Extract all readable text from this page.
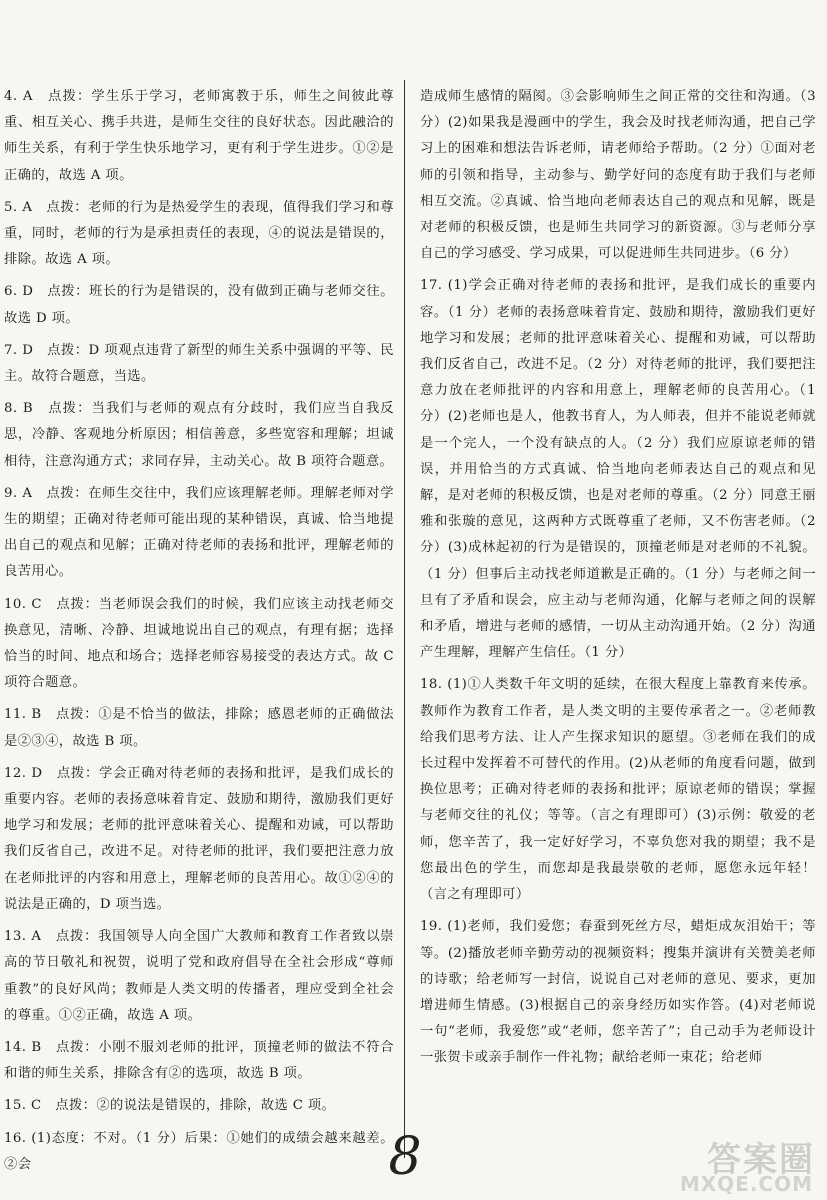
4. A　点拨：学生乐于学习，老师寓教于乐，师生之间彼此尊重、相互关心、携手共进，是师生交往的良好状态。因此融洽的师生关系，有利于学生快乐地学习，更有利于学生进步。①②是正确的，故选 A 项。

5. A　点拨：老师的行为是热爱学生的表现，值得我们学习和尊重，同时，老师的行为是承担责任的表现，④的说法是错误的，排除。故选 A 项。

6. D　点拨：班长的行为是错误的，没有做到正确与老师交往。故选 D 项。

7. D　点拨：D 项观点违背了新型的师生关系中强调的平等、民主。故符合题意，当选。

8. B　点拨：当我们与老师的观点有分歧时，我们应当自我反思，冷静、客观地分析原因；相信善意，多些宽容和理解；坦诚相待，注意沟通方式；求同存异，主动关心。故 B 项符合题意。

9. A　点拨：在师生交往中，我们应该理解老师。理解老师对学生的期望；正确对待老师可能出现的某种错误，真诚、恰当地提出自己的观点和见解；正确对待老师的表扬和批评，理解老师的良苦用心。

10. C　点拨：当老师误会我们的时候，我们应该主动找老师交换意见，清晰、冷静、坦诚地说出自己的观点，有理有据；选择恰当的时间、地点和场合；选择老师容易接受的表达方式。故 C 项符合题意。

11. B　点拨：①是不恰当的做法，排除；感恩老师的正确做法是②③④，故选 B 项。

12. D　点拨：学会正确对待老师的表扬和批评，是我们成长的重要内容。老师的表扬意味着肯定、鼓励和期待，激励我们更好地学习和发展；老师的批评意味着关心、提醒和劝诫，可以帮助我们反省自己，改进不足。对待老师的批评，我们要把注意力放在老师批评的内容和用意上，理解老师的良苦用心。故①②④的说法是正确的，D 项当选。

13. A　点拨：我国领导人向全国广大教师和教育工作者致以崇高的节日敬礼和祝贺，说明了党和政府倡导在全社会形成“尊师重教”的良好风尚；教师是人类文明的传播者，理应受到全社会的尊重。①②正确，故选 A 项。

14. B　点拨：小刚不服刘老师的批评，顶撞老师的做法不符合和谐的师生关系，排除含有②的选项，故选 B 项。

15. C　点拨：②的说法是错误的，排除，故选 C 项。

16. (1)态度：不对。（1 分）后果：①她们的成绩会越来越差。②会

造成师生感情的隔阂。③会影响师生之间正常的交往和沟通。（3 分）(2)如果我是漫画中的学生，我会及时找老师沟通，把自己学习上的困难和想法告诉老师，请老师给予帮助。（2 分）①面对老师的引领和指导，主动参与、勤学好问的态度有助于我们与老师相互交流。②真诚、恰当地向老师表达自己的观点和见解，既是对老师的积极反馈，也是师生共同学习的新资源。③与老师分享自己的学习感受、学习成果，可以促进师生共同进步。（6 分）

17. (1)学会正确对待老师的表扬和批评，是我们成长的重要内容。（1 分）老师的表扬意味着肯定、鼓励和期待，激励我们更好地学习和发展；老师的批评意味着关心、提醒和劝诫，可以帮助我们反省自己，改进不足。（2 分）对待老师的批评，我们要把注意力放在老师批评的内容和用意上，理解老师的良苦用心。（1 分）(2)老师也是人，他教书育人，为人师表，但并不能说老师就是一个完人，一个没有缺点的人。（2 分）我们应原谅老师的错误，并用恰当的方式真诚、恰当地向老师表达自己的观点和见解，是对老师的积极反馈，也是对老师的尊重。（2 分）同意王丽雅和张璇的意见，这两种方式既尊重了老师，又不伤害老师。（2 分）(3)成林起初的行为是错误的，顶撞老师是对老师的不礼貌。（1 分）但事后主动找老师道歉是正确的。（1 分）与老师之间一旦有了矛盾和误会，应主动与老师沟通，化解与老师之间的误解和矛盾，增进与老师的感情，一切从主动沟通开始。（2 分）沟通产生理解，理解产生信任。（1 分）

18. (1)①人类数千年文明的延续，在很大程度上靠教育来传承。教师作为教育工作者，是人类文明的主要传承者之一。②老师教给我们思考方法、让人产生探求知识的愿望。③老师在我们的成长过程中发挥着不可替代的作用。(2)从老师的角度看问题，做到换位思考；正确对待老师的表扬和批评；原谅老师的错误；掌握与老师交往的礼仪；等等。（言之有理即可）(3)示例：敬爱的老师，您辛苦了，我一定好好学习，不辜负您对我的期望；我不是您最出色的学生，而您却是我最崇敬的老师，愿您永远年轻！（言之有理即可）

19. (1)老师，我们爱您；春蚕到死丝方尽，蜡炬成灰泪始干；等等。(2)播放老师辛勤劳动的视频资料；搜集并演讲有关赞美老师的诗歌；给老师写一封信，说说自己对老师的意见、要求，更加增进师生情感。(3)根据自己的亲身经历如实作答。(4)对老师说一句“老师，我爱您”或“老师，您辛苦了”；自己动手为老师设计一张贺卡或亲手制作一件礼物；献给老师一束花；给老师

8	答案圈
MXQE.COM
